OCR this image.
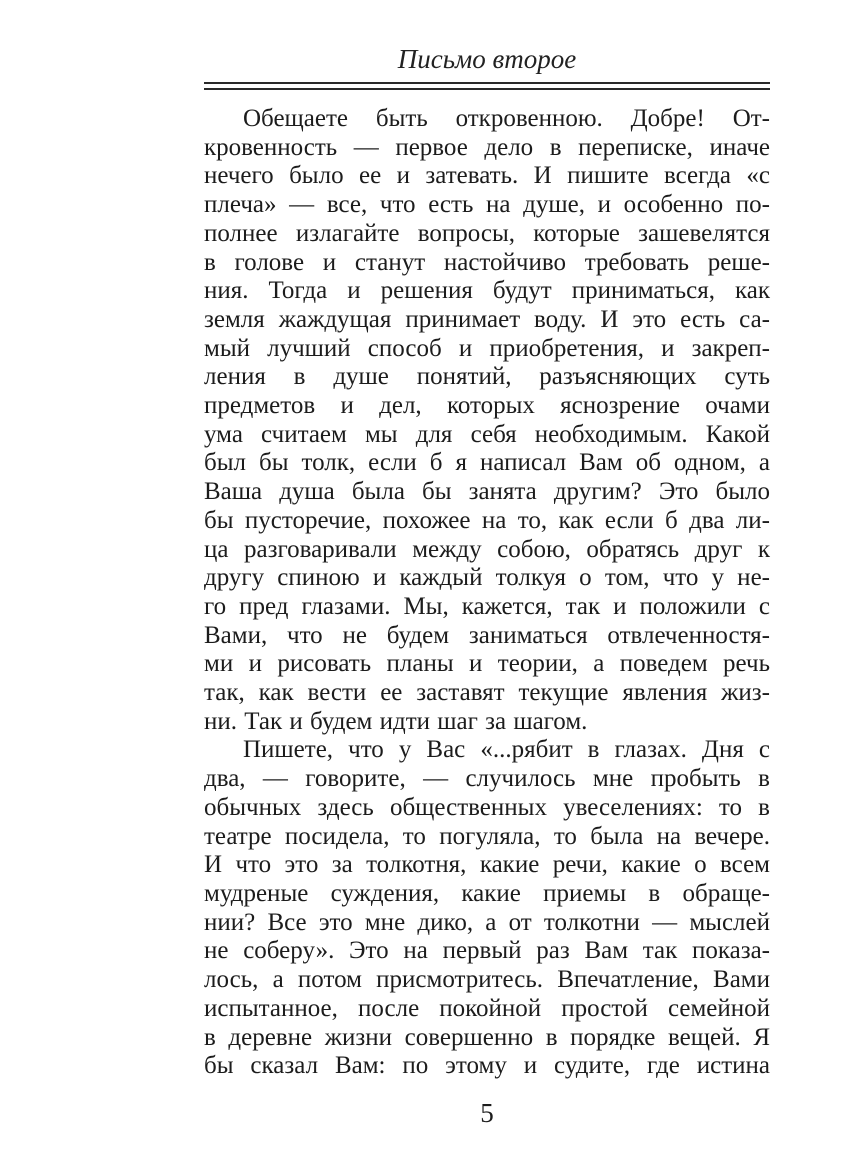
Письмо второе
Обещаете быть откровенною. Добре! От-
кровенность — первое дело в переписке, иначе
нечего было ее и затевать. И пишите всегда «с
плеча» — все, что есть на душе, и особенно по-
полнее излагайте вопросы, которые зашевелятся
в голове и станут настойчиво требовать реше-
ния. Тогда и решения будут приниматься, как
земля жаждущая принимает воду. И это есть са-
мый лучший способ и приобретения, и закреп-
ления в душе понятий, разъясняющих суть
предметов и дел, которых яснозрение очами
ума считаем мы для себя необходимым. Какой
был бы толк, если б я написал Вам об одном, а
Ваша душа была бы занята другим? Это было
бы пусторечие, похожее на то, как если б два ли-
ца разговаривали между собою, обратясь друг к
другу спиною и каждый толкуя о том, что у не-
го пред глазами. Мы, кажется, так и положили с
Вами, что не будем заниматься отвлеченностя-
ми и рисовать планы и теории, а поведем речь
так, как вести ее заставят текущие явления жиз-
ни. Так и будем идти шаг за шагом.
Пишете, что у Вас «...рябит в глазах. Дня с
два, — говорите, — случилось мне пробыть в
обычных здесь общественных увеселениях: то в
театре посидела, то погуляла, то была на вечере.
И что это за толкотня, какие речи, какие о всем
мудреные суждения, какие приемы в обраще-
нии? Все это мне дико, а от толкотни — мыслей
не соберу». Это на первый раз Вам так показа-
лось, а потом присмотритесь. Впечатление, Вами
испытанное, после покойной простой семейной
в деревне жизни совершенно в порядке вещей. Я
бы сказал Вам: по этому и судите, где истина
5
